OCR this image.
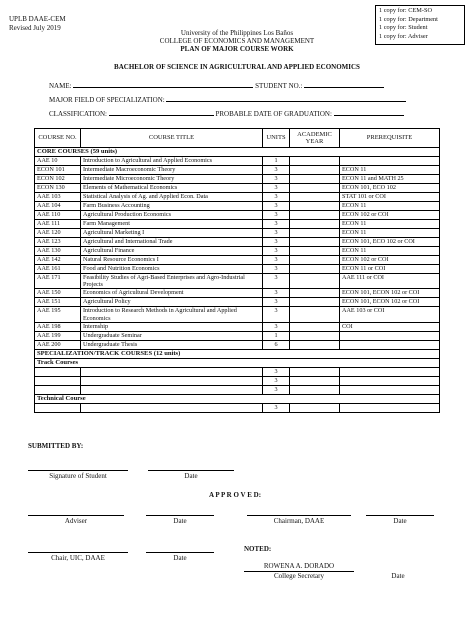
UPLB DAAE-CEM
Revised July 2019
1 copy for: CEM-SO
1 copy for: Department
1 copy for: Student
1 copy for: Adviser
University of the Philippines Los Baños
COLLEGE OF ECONOMICS AND MANAGEMENT
PLAN OF MAJOR COURSE WORK
BACHELOR OF SCIENCE IN AGRICULTURAL AND APPLIED ECONOMICS
NAME:	STUDENT NO.:
MAJOR FIELD OF SPECIALIZATION:
CLASSIFICATION:	PROBABLE DATE OF GRADUATION:
COURSE NO.	COURSE TITLE	UNITS	ACADEMIC YEAR	PREREQUISITE
CORE COURSES (59 units)				
AAE 10	Introduction to Agricultural and Applied Economics	1		
ECON 101	Intermediate Macroeconomic Theory	3		ECON 11
ECON 102	Intermediate Microeconomic Theory	3		ECON 11 and MATH 25
ECON 130	Elements of Mathematical Economics	3		ECON 101, ECO 102
AAE 103	Statistical Analysis of Ag. and Applied Econ. Data	3		STAT 101 or COI
AAE 104	Farm Business Accounting	3		ECON 11
AAE 110	Agricultural Production Economics	3		ECON 102 or COI
AAE 111	Farm Management	3		ECON 11
AAE 120	Agricultural Marketing I	3		ECON 11
AAE 123	Agricultural and International Trade	3		ECON 101, ECO 102 or COI
AAE 130	Agricultural Finance	3		ECON 11
AAE 142	Natural Resource Economics I	3		ECON 102 or COI
AAE 161	Food and Nutrition Economics	3		ECON 11 or COI
AAE 171	Feasibility Studies of Agri-Based Enterprises and Agro-Industrial Projects	3		AAE 111 or COI
AAE 150	Economics of Agricultural Development	3		ECON 101, ECON 102 or COI
AAE 151	Agricultural Policy	3		ECON 101, ECON 102 or COI
AAE 195	Introduction to Research Methods in Agricultural and Applied Economics	3		AAE 103 or COI
AAE 198	Internship	3		COI
AAE 199	Undergraduate Seminar	1		
AAE 200	Undergraduate Thesis	6		
SPECIALIZATION/TRACK COURSES (12 units)				
Track Courses				
		3		
		3		
		3		
Technical Course				
		3		
SUBMITTED BY:
Signature of Student	Date
A P P R O V E D:
Adviser	Date	Chairman, DAAE	Date
NOTED:
Chair, UIC, DAAE	Date
ROWENA A. DORADO
College Secretary	Date
